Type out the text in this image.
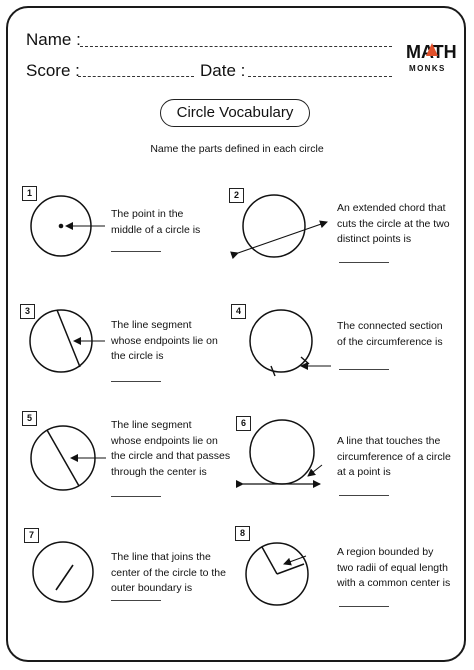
Name :
Score :	Date :
MATH
MONKS
Circle Vocabulary
Name the parts defined in each circle
1	2
3	4
5	6
7	8
The point in the
middle of a circle is
An extended chord that
cuts the circle at the two
distinct points is
The line segment
whose endpoints lie on
the circle is
The connected section
of the circumference is
The line segment
whose endpoints lie on
the circle and that passes
through the center is
A line that touches the
circumference of a circle
at a point is
The line that joins the
center of the circle to the
outer boundary is
A region bounded by
two radii of equal length
with a common center is
